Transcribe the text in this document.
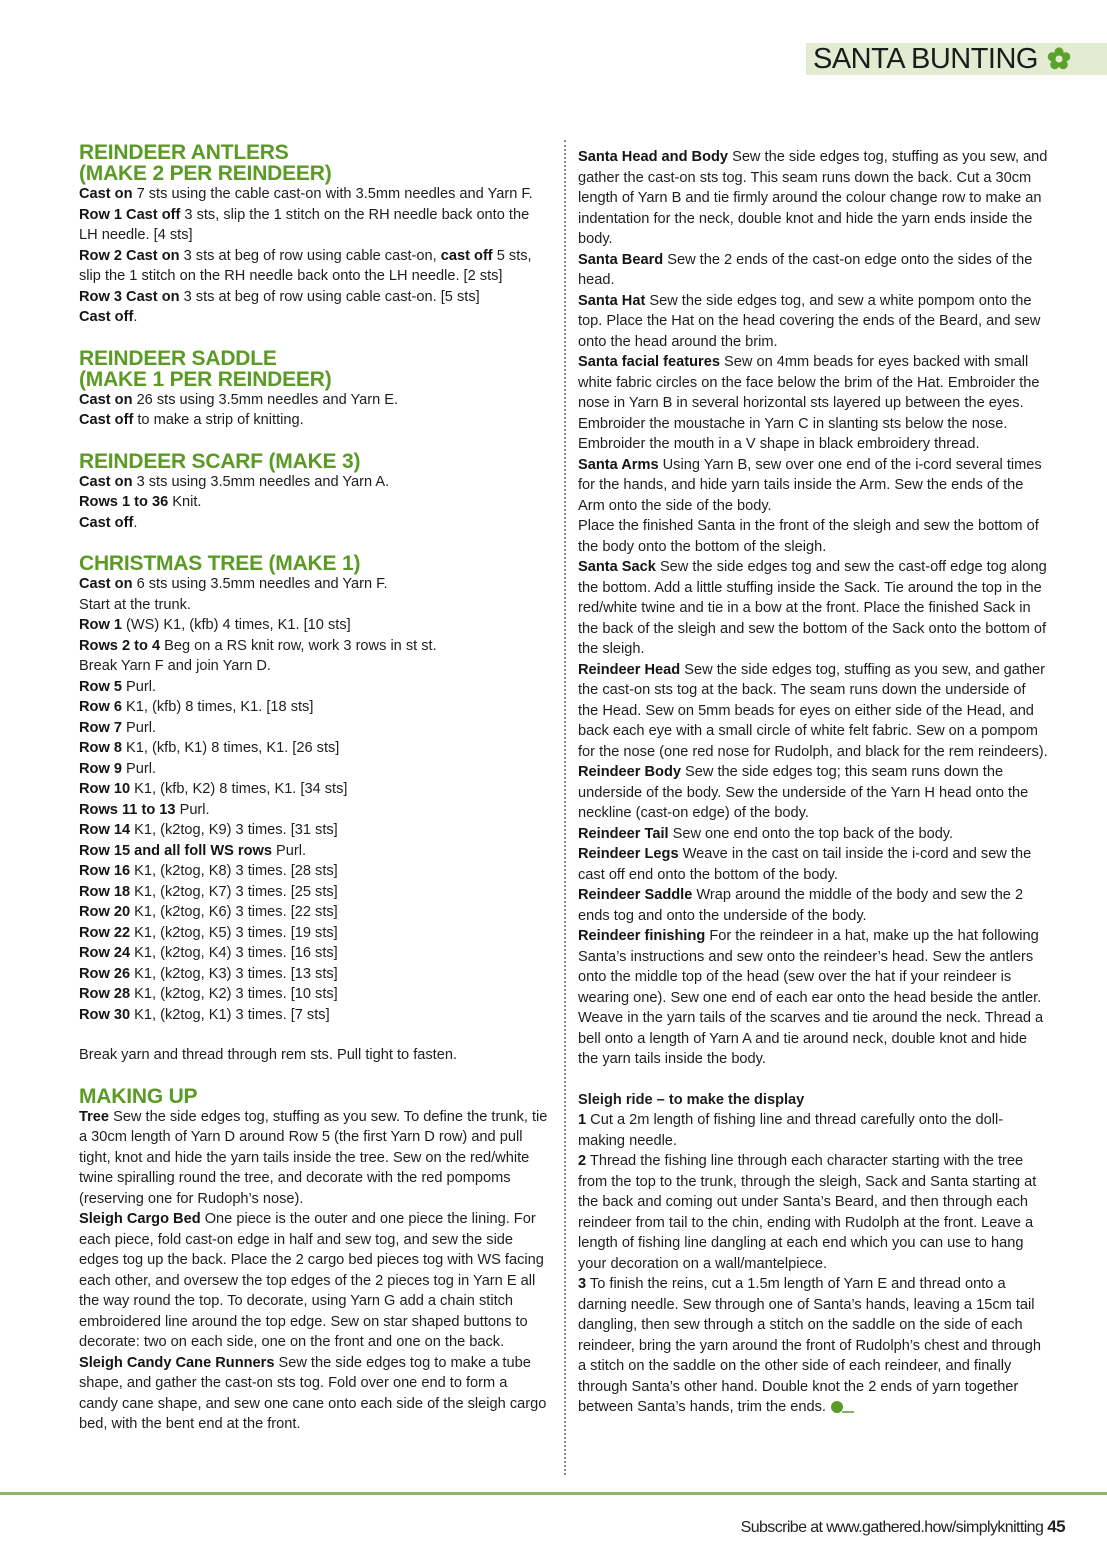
SANTA BUNTING
REINDEER ANTLERS
(MAKE 2 PER REINDEER)

Cast on 7 sts using the cable cast-on with 3.5mm needles and Yarn F.

Row 1 Cast off 3 sts, slip the 1 stitch on the RH needle back onto the LH needle. [4 sts]

Row 2 Cast on 3 sts at beg of row using cable cast-on, cast off 5 sts, slip the 1 stitch on the RH needle back onto the LH needle. [2 sts]

Row 3 Cast on 3 sts at beg of row using cable cast-on. [5 sts]

Cast off.

REINDEER SADDLE
(MAKE 1 PER REINDEER)

Cast on 26 sts using 3.5mm needles and Yarn E.

Cast off to make a strip of knitting.

REINDEER SCARF (MAKE 3)

Cast on 3 sts using 3.5mm needles and Yarn A.

Rows 1 to 36 Knit.

Cast off.

CHRISTMAS TREE (MAKE 1)

Cast on 6 sts using 3.5mm needles and Yarn F.

Start at the trunk.

Row 1 (WS) K1, (kfb) 4 times, K1. [10 sts]

Rows 2 to 4 Beg on a RS knit row, work 3 rows in st st.

Break Yarn F and join Yarn D.

Row 5 Purl.

Row 6 K1, (kfb) 8 times, K1. [18 sts]

Row 7 Purl.

Row 8 K1, (kfb, K1) 8 times, K1. [26 sts]

Row 9 Purl.

Row 10 K1, (kfb, K2) 8 times, K1. [34 sts]

Rows 11 to 13 Purl.

Row 14 K1, (k2tog, K9) 3 times. [31 sts]

Row 15 and all foll WS rows Purl.

Row 16 K1, (k2tog, K8) 3 times. [28 sts]

Row 18 K1, (k2tog, K7) 3 times. [25 sts]

Row 20 K1, (k2tog, K6) 3 times. [22 sts]

Row 22 K1, (k2tog, K5) 3 times. [19 sts]

Row 24 K1, (k2tog, K4) 3 times. [16 sts]

Row 26 K1, (k2tog, K3) 3 times. [13 sts]

Row 28 K1, (k2tog, K2) 3 times. [10 sts]

Row 30 K1, (k2tog, K1) 3 times. [7 sts]

Break yarn and thread through rem sts. Pull tight to fasten.

MAKING UP

Tree Sew the side edges tog, stuffing as you sew. To define the trunk, tie a 30cm length of Yarn D around Row 5 (the first Yarn D row) and pull tight, knot and hide the yarn tails inside the tree. Sew on the red/white twine spiralling round the tree, and decorate with the red pompoms (reserving one for Rudoph’s nose).

Sleigh Cargo Bed One piece is the outer and one piece the lining. For each piece, fold cast-on edge in half and sew tog, and sew the side edges tog up the back. Place the 2 cargo bed pieces tog with WS facing each other, and oversew the top edges of the 2 pieces tog in Yarn E all the way round the top. To decorate, using Yarn G add a chain stitch embroidered line around the top edge. Sew on star shaped buttons to decorate: two on each side, one on the front and one on the back.

Sleigh Candy Cane Runners Sew the side edges tog to make a tube shape, and gather the cast-on sts tog. Fold over one end to form a candy cane shape, and sew one cane onto each side of the sleigh cargo bed, with the bent end at the front.

Santa Head and Body Sew the side edges tog, stuffing as you sew, and gather the cast-on sts tog. This seam runs down the back. Cut a 30cm length of Yarn B and tie firmly around the colour change row to make an indentation for the neck, double knot and hide the yarn ends inside the body.

Santa Beard Sew the 2 ends of the cast-on edge onto the sides of the head.

Santa Hat Sew the side edges tog, and sew a white pompom onto the top. Place the Hat on the head covering the ends of the Beard, and sew onto the head around the brim.

Santa facial features Sew on 4mm beads for eyes backed with small white fabric circles on the face below the brim of the Hat. Embroider the nose in Yarn B in several horizontal sts layered up between the eyes. Embroider the moustache in Yarn C in slanting sts below the nose. Embroider the mouth in a V shape in black embroidery thread.

Santa Arms Using Yarn B, sew over one end of the i-cord several times for the hands, and hide yarn tails inside the Arm. Sew the ends of the Arm onto the side of the body.

Place the finished Santa in the front of the sleigh and sew the bottom of the body onto the bottom of the sleigh.

Santa Sack Sew the side edges tog and sew the cast-off edge tog along the bottom. Add a little stuffing inside the Sack. Tie around the top in the red/white twine and tie in a bow at the front. Place the finished Sack in the back of the sleigh and sew the bottom of the Sack onto the bottom of the sleigh.

Reindeer Head Sew the side edges tog, stuffing as you sew, and gather the cast-on sts tog at the back. The seam runs down the underside of the Head. Sew on 5mm beads for eyes on either side of the Head, and back each eye with a small circle of white felt fabric. Sew on a pompom for the nose (one red nose for Rudolph, and black for the rem reindeers).

Reindeer Body Sew the side edges tog; this seam runs down the underside of the body. Sew the underside of the Yarn H head onto the neckline (cast-on edge) of the body.

Reindeer Tail Sew one end onto the top back of the body.

Reindeer Legs Weave in the cast on tail inside the i-cord and sew the cast off end onto the bottom of the body.

Reindeer Saddle Wrap around the middle of the body and sew the 2 ends tog and onto the underside of the body.

Reindeer finishing For the reindeer in a hat, make up the hat following Santa’s instructions and sew onto the reindeer’s head. Sew the antlers onto the middle top of the head (sew over the hat if your reindeer is wearing one). Sew one end of each ear onto the head beside the antler. Weave in the yarn tails of the scarves and tie around the neck. Thread a bell onto a length of Yarn A and tie around neck, double knot and hide the yarn tails inside the body.

Sleigh ride – to make the display

1 Cut a 2m length of fishing line and thread carefully onto the doll-making needle.

2 Thread the fishing line through each character starting with the tree from the top to the trunk, through the sleigh, Sack and Santa starting at the back and coming out under Santa’s Beard, and then through each reindeer from tail to the chin, ending with Rudolph at the front. Leave a length of fishing line dangling at each end which you can use to hang your decoration on a wall/mantelpiece.

3 To finish the reins, cut a 1.5m length of Yarn E and thread onto a darning needle. Sew through one of Santa’s hands, leaving a 15cm tail dangling, then sew through a stitch on the saddle on the side of each reindeer, bring the yarn around the front of Rudolph’s chest and through a stitch on the saddle on the other side of each reindeer, and finally through Santa’s other hand. Double knot the 2 ends of yarn together between Santa’s hands, trim the ends.

Subscribe at www.gathered.how/simplyknitting 45
